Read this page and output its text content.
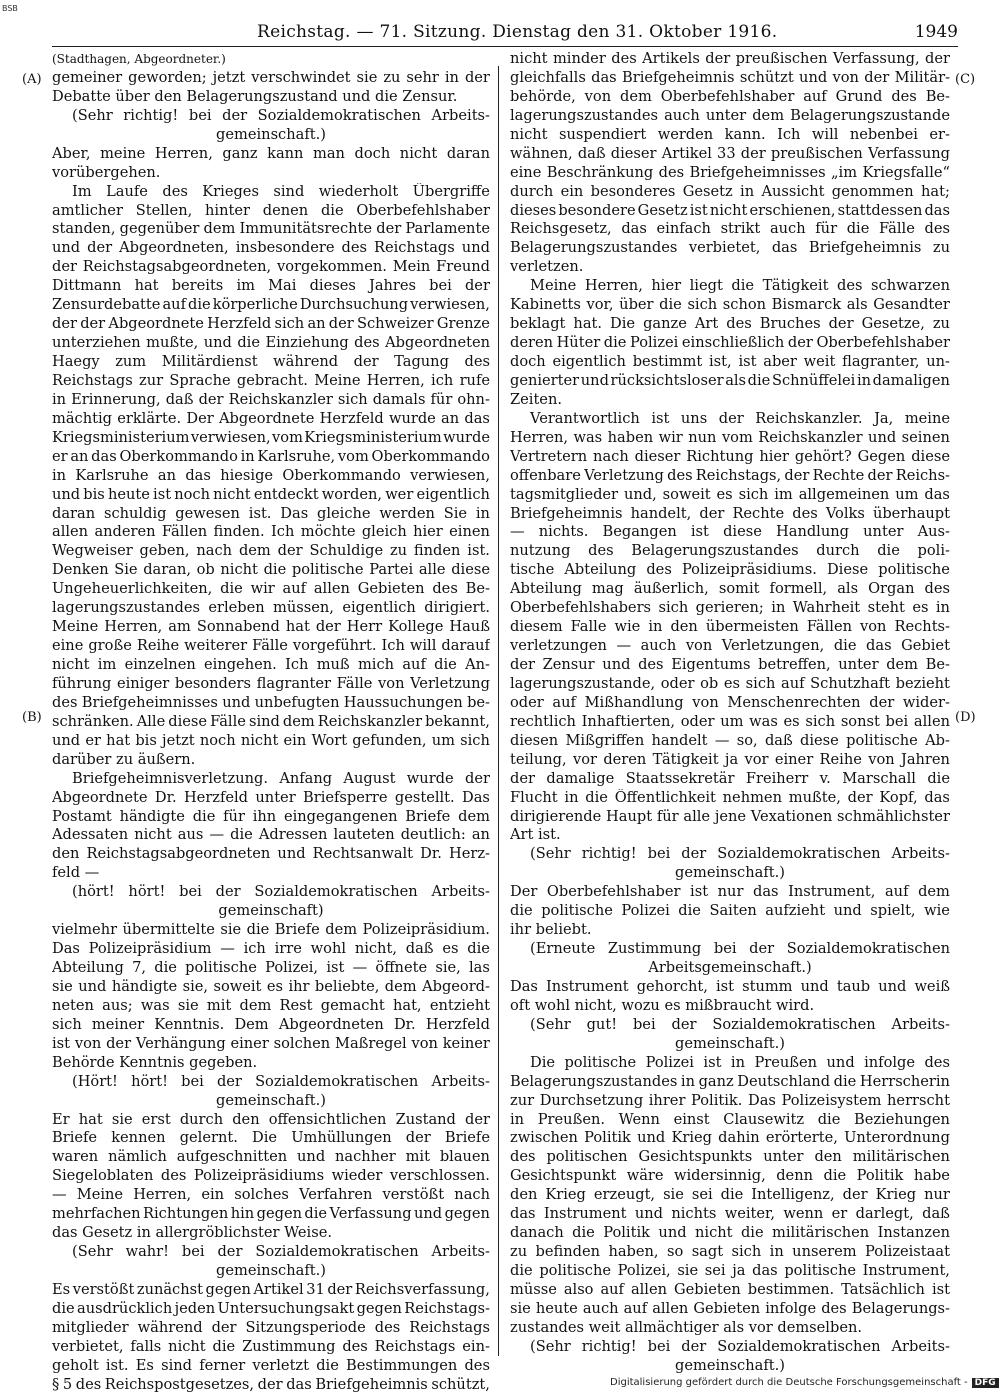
BSB
Reichstag. — 71. Sitzung. Dienstag den 31. Oktober 1916.	1949
(A)
(B)
(C)
(D)
(Stadthagen, Abgeordneter.)
gemeiner geworden; jetzt verschwindet sie zu sehr in der
Debatte über den Belagerungszustand und die Zensur.
(Sehr richtig! bei der Sozialdemokratischen Arbeits-
gemeinschaft.)
Aber, meine Herren, ganz kann man doch nicht daran
vorübergehen.
Im Laufe des Krieges sind wiederholt Übergriffe
amtlicher Stellen, hinter denen die Oberbefehlshaber
standen, gegenüber dem Immunitätsrechte der Parlamente
und der Abgeordneten, insbesondere des Reichstags und
der Reichstagsabgeordneten, vorgekommen. Mein Freund
Dittmann hat bereits im Mai dieses Jahres bei der
Zensurdebatte auf die körperliche Durchsuchung verwiesen,
der der Abgeordnete Herzfeld sich an der Schweizer Grenze
unterziehen mußte, und die Einziehung des Abgeordneten
Haegy zum Militärdienst während der Tagung des
Reichstags zur Sprache gebracht. Meine Herren, ich rufe
in Erinnerung, daß der Reichskanzler sich damals für ohn-
mächtig erklärte. Der Abgeordnete Herzfeld wurde an das
Kriegsministerium verwiesen, vom Kriegsministerium wurde
er an das Oberkommando in Karlsruhe, vom Oberkommando
in Karlsruhe an das hiesige Oberkommando verwiesen,
und bis heute ist noch nicht entdeckt worden, wer eigentlich
daran schuldig gewesen ist. Das gleiche werden Sie in
allen anderen Fällen finden. Ich möchte gleich hier einen
Wegweiser geben, nach dem der Schuldige zu finden ist.
Denken Sie daran, ob nicht die politische Partei alle diese
Ungeheuerlichkeiten, die wir auf allen Gebieten des Be-
lagerungszustandes erleben müssen, eigentlich dirigiert.
Meine Herren, am Sonnabend hat der Herr Kollege Hauß
eine große Reihe weiterer Fälle vorgeführt. Ich will darauf
nicht im einzelnen eingehen. Ich muß mich auf die An-
führung einiger besonders flagranter Fälle von Verletzung
des Briefgeheimnisses und unbefugten Haussuchungen be-
schränken. Alle diese Fälle sind dem Reichskanzler bekannt,
und er hat bis jetzt noch nicht ein Wort gefunden, um sich
darüber zu äußern.
Briefgeheimnisverletzung. Anfang August wurde der
Abgeordnete Dr. Herzfeld unter Briefsperre gestellt. Das
Postamt händigte die für ihn eingegangenen Briefe dem
Adessaten nicht aus — die Adressen lauteten deutlich: an
den Reichstagsabgeordneten und Rechtsanwalt Dr. Herz-
feld —
(hört! hört! bei der Sozialdemokratischen Arbeits-
gemeinschaft)
vielmehr übermittelte sie die Briefe dem Polizeipräsidium.
Das Polizeipräsidium — ich irre wohl nicht, daß es die
Abteilung 7, die politische Polizei, ist — öffnete sie, las
sie und händigte sie, soweit es ihr beliebte, dem Abgeord-
neten aus; was sie mit dem Rest gemacht hat, entzieht
sich meiner Kenntnis. Dem Abgeordneten Dr. Herzfeld
ist von der Verhängung einer solchen Maßregel von keiner
Behörde Kenntnis gegeben.
(Hört! hört! bei der Sozialdemokratischen Arbeits-
gemeinschaft.)
Er hat sie erst durch den offensichtlichen Zustand der
Briefe kennen gelernt. Die Umhüllungen der Briefe
waren nämlich aufgeschnitten und nachher mit blauen
Siegeloblaten des Polizeipräsidiums wieder verschlossen.
— Meine Herren, ein solches Verfahren verstößt nach
mehrfachen Richtungen hin gegen die Verfassung und gegen
das Gesetz in allergröblichster Weise.
(Sehr wahr! bei der Sozialdemokratischen Arbeits-
gemeinschaft.)
Es verstößt zunächst gegen Artikel 31 der Reichsverfassung,
die ausdrücklich jeden Untersuchungsakt gegen Reichstags-
mitglieder während der Sitzungsperiode des Reichstags
verbietet, falls nicht die Zustimmung des Reichstags ein-
geholt ist. Es sind ferner verletzt die Bestimmungen des
§ 5 des Reichspostgesetzes, der das Briefgeheimnis schützt,
nicht minder des Artikels der preußischen Verfassung, der
gleichfalls das Briefgeheimnis schützt und von der Militär-
behörde, von dem Oberbefehlshaber auf Grund des Be-
lagerungszustandes auch unter dem Belagerungszustande
nicht suspendiert werden kann. Ich will nebenbei er-
wähnen, daß dieser Artikel 33 der preußischen Verfassung
eine Beschränkung des Briefgeheimnisses „im Kriegsfalle“
durch ein besonderes Gesetz in Aussicht genommen hat;
dieses besondere Gesetz ist nicht erschienen, stattdessen das
Reichsgesetz, das einfach strikt auch für die Fälle des
Belagerungszustandes verbietet, das Briefgeheimnis zu
verletzen.
Meine Herren, hier liegt die Tätigkeit des schwarzen
Kabinetts vor, über die sich schon Bismarck als Gesandter
beklagt hat. Die ganze Art des Bruches der Gesetze, zu
deren Hüter die Polizei einschließlich der Oberbefehlshaber
doch eigentlich bestimmt ist, ist aber weit flagranter, un-
genierter und rücksichtsloser als die Schnüffelei in damaligen
Zeiten.
Verantwortlich ist uns der Reichskanzler. Ja, meine
Herren, was haben wir nun vom Reichskanzler und seinen
Vertretern nach dieser Richtung hier gehört? Gegen diese
offenbare Verletzung des Reichstags, der Rechte der Reichs-
tagsmitglieder und, soweit es sich im allgemeinen um das
Briefgeheimnis handelt, der Rechte des Volks überhaupt
— nichts. Begangen ist diese Handlung unter Aus-
nutzung des Belagerungszustandes durch die poli-
tische Abteilung des Polizeipräsidiums. Diese politische
Abteilung mag äußerlich, somit formell, als Organ des
Oberbefehlshabers sich gerieren; in Wahrheit steht es in
diesem Falle wie in den übermeisten Fällen von Rechts-
verletzungen — auch von Verletzungen, die das Gebiet
der Zensur und des Eigentums betreffen, unter dem Be-
lagerungszustande, oder ob es sich auf Schutzhaft bezieht
oder auf Mißhandlung von Menschenrechten der wider-
rechtlich Inhaftierten, oder um was es sich sonst bei allen
diesen Mißgriffen handelt — so, daß diese politische Ab-
teilung, vor deren Tätigkeit ja vor einer Reihe von Jahren
der damalige Staatssekretär Freiherr v. Marschall die
Flucht in die Öffentlichkeit nehmen mußte, der Kopf, das
dirigierende Haupt für alle jene Vexationen schmählichster
Art ist.
(Sehr richtig! bei der Sozialdemokratischen Arbeits-
gemeinschaft.)
Der Oberbefehlshaber ist nur das Instrument, auf dem
die politische Polizei die Saiten aufzieht und spielt, wie
ihr beliebt.
(Erneute Zustimmung bei der Sozialdemokratischen
Arbeitsgemeinschaft.)
Das Instrument gehorcht, ist stumm und taub und weiß
oft wohl nicht, wozu es mißbraucht wird.
(Sehr gut! bei der Sozialdemokratischen Arbeits-
gemeinschaft.)
Die politische Polizei ist in Preußen und infolge des
Belagerungszustandes in ganz Deutschland die Herrscherin
zur Durchsetzung ihrer Politik. Das Polizeisystem herrscht
in Preußen. Wenn einst Clausewitz die Beziehungen
zwischen Politik und Krieg dahin erörterte, Unterordnung
des politischen Gesichtspunkts unter den militärischen
Gesichtspunkt wäre widersinnig, denn die Politik habe
den Krieg erzeugt, sie sei die Intelligenz, der Krieg nur
das Instrument und nichts weiter, wenn er darlegt, daß
danach die Politik und nicht die militärischen Instanzen
zu befinden haben, so sagt sich in unserem Polizeistaat
die politische Polizei, sie sei ja das politische Instrument,
müsse also auf allen Gebieten bestimmen. Tatsächlich ist
sie heute auch auf allen Gebieten infolge des Belagerungs-
zustandes weit allmächtiger als vor demselben.
(Sehr richtig! bei der Sozialdemokratischen Arbeits-
gemeinschaft.)
Digitalisierung gefördert durch die Deutsche Forschungsgemeinschaft - DFG
